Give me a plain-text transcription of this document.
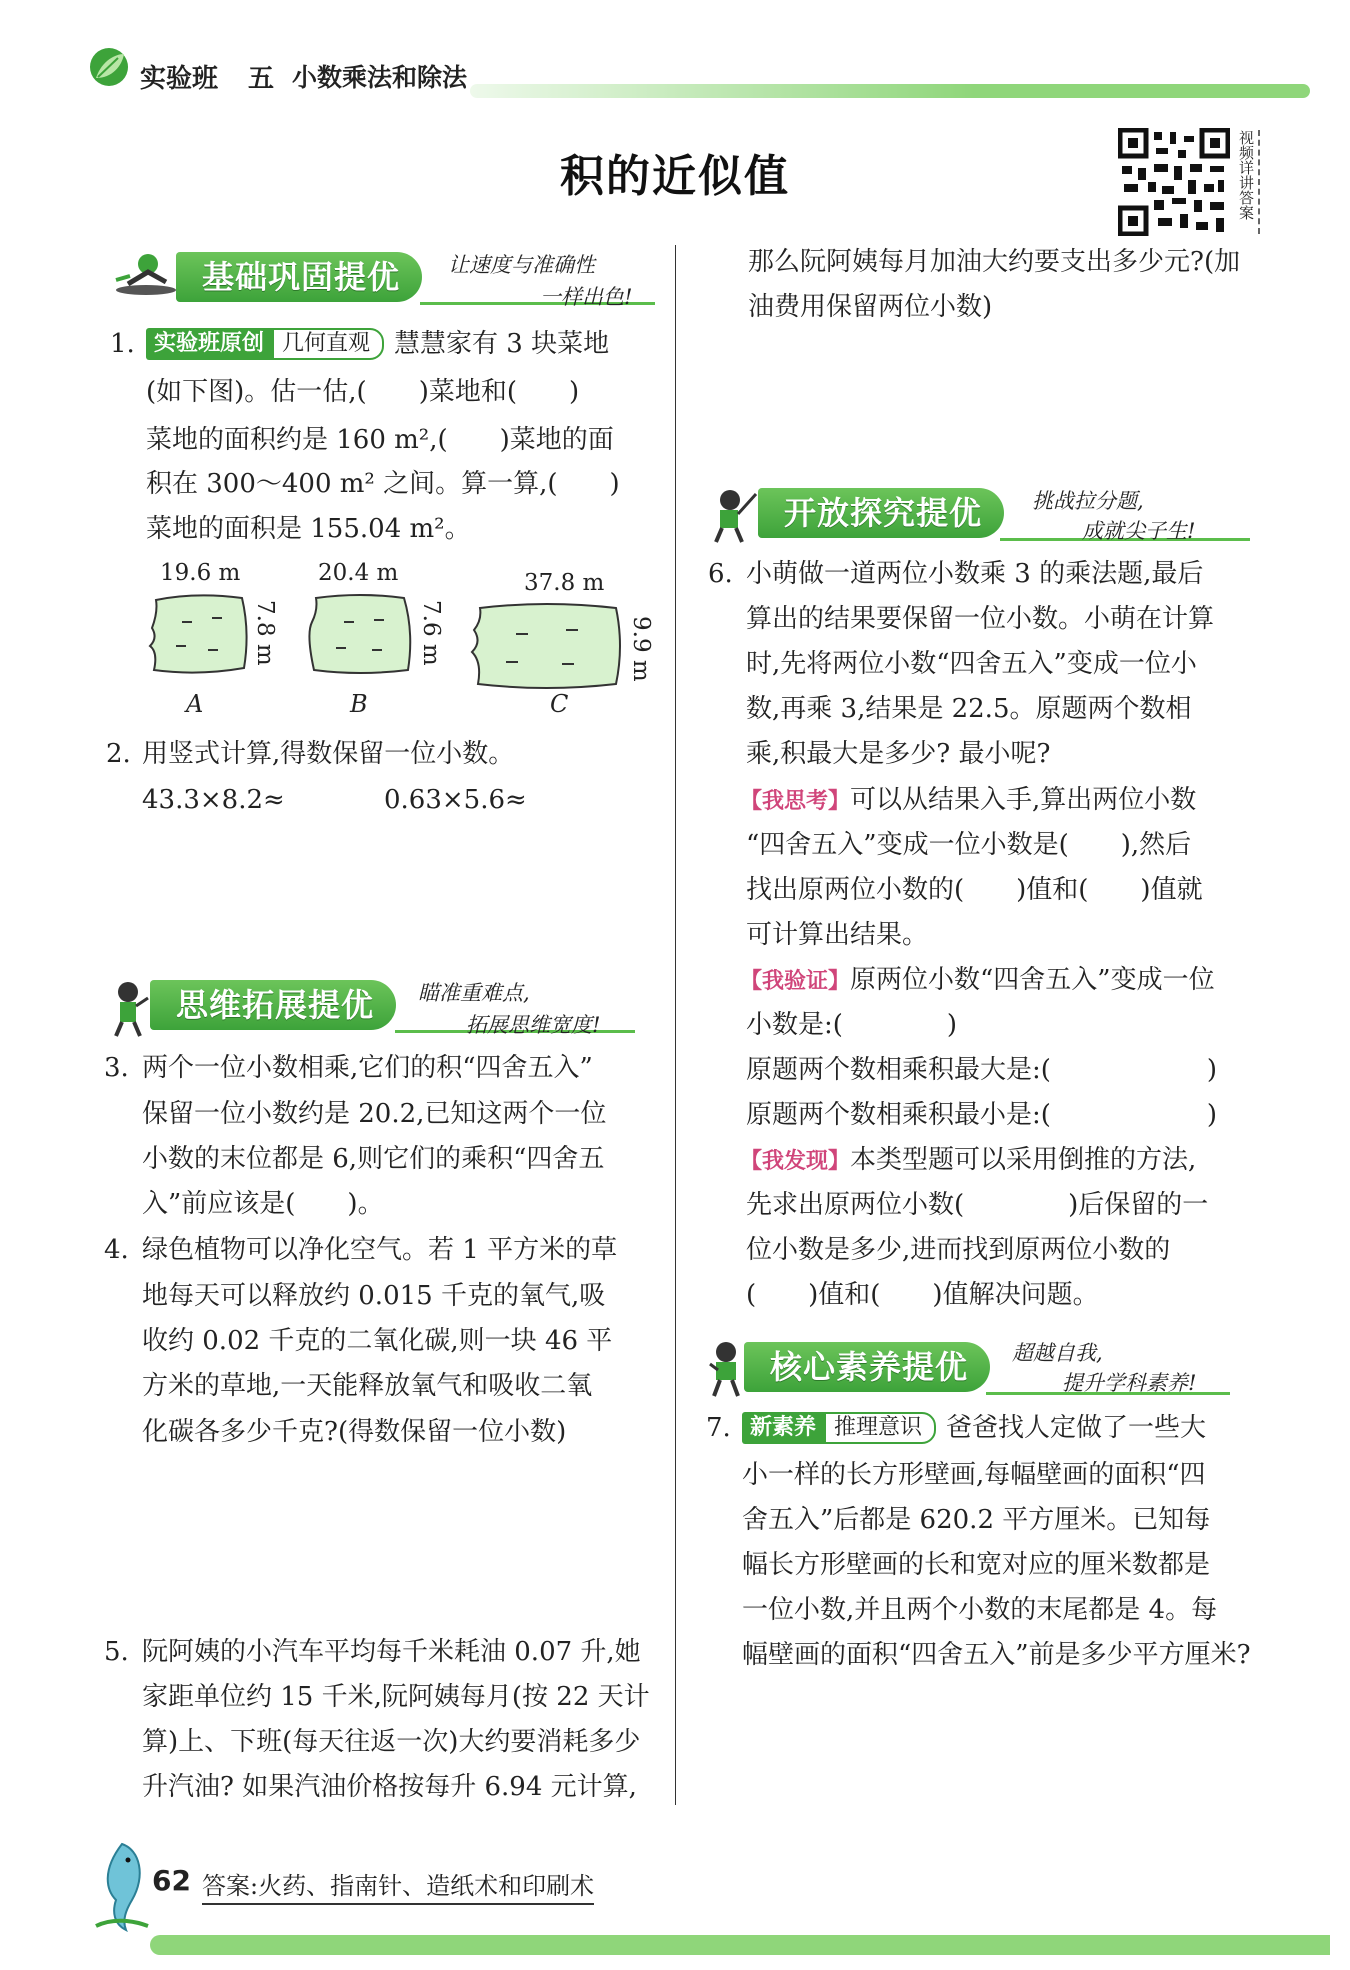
实验班 五 小数乘法和除法
积的近似值	视频详讲答案
基础巩固提优	让速度与准确性
一样出色!
1. 实验班原创 几何直观 慧慧家有 3 块菜地
(如下图)。估一估,(　　)菜地和(　　)
菜地的面积约是 160 m²,(　　)菜地的面
积在 300～400 m² 之间。算一算,(　　)
菜地的面积是 155.04 m²。
19.6 m
7.8 m
A
20.4 m
7.6 m
B
37.8 m
9.9 m
C
2. 用竖式计算,得数保留一位小数。
43.3×8.2≈	0.63×5.6≈
思维拓展提优	瞄准重难点,
拓展思维宽度!
3. 两个一位小数相乘,它们的积“四舍五入”
保留一位小数约是 20.2,已知这两个一位
小数的末位都是 6,则它们的乘积“四舍五
入”前应该是(　　)。
4. 绿色植物可以净化空气。若 1 平方米的草
地每天可以释放约 0.015 千克的氧气,吸
收约 0.02 千克的二氧化碳,则一块 46 平
方米的草地,一天能释放氧气和吸收二氧
化碳各多少千克?(得数保留一位小数)
5. 阮阿姨的小汽车平均每千米耗油 0.07 升,她
家距单位约 15 千米,阮阿姨每月(按 22 天计
算)上、下班(每天往返一次)大约要消耗多少
升汽油? 如果汽油价格按每升 6.94 元计算,
那么阮阿姨每月加油大约要支出多少元?(加
油费用保留两位小数)
开放探究提优	挑战拉分题,
成就尖子生!
6. 小萌做一道两位小数乘 3 的乘法题,最后
算出的结果要保留一位小数。小萌在计算
时,先将两位小数“四舍五入”变成一位小
数,再乘 3,结果是 22.5。原题两个数相
乘,积最大是多少? 最小呢?
【我思考】可以从结果入手,算出两位小数
“四舍五入”变成一位小数是(　　),然后
找出原两位小数的(　　)值和(　　)值就
可计算出结果。
【我验证】原两位小数“四舍五入”变成一位
小数是:(　　　　)
原题两个数相乘积最大是:(　　　　　　)
原题两个数相乘积最小是:(　　　　　　)
【我发现】本类型题可以采用倒推的方法,
先求出原两位小数(　　　　)后保留的一
位小数是多少,进而找到原两位小数的
(　　)值和(　　)值解决问题。
核心素养提优	超越自我,
提升学科素养!
7. 新素养 推理意识 爸爸找人定做了一些大
小一样的长方形壁画,每幅壁画的面积“四
舍五入”后都是 620.2 平方厘米。已知每
幅长方形壁画的长和宽对应的厘米数都是
一位小数,并且两个小数的末尾都是 4。每
幅壁画的面积“四舍五入”前是多少平方厘米?
62 答案:火药、指南针、造纸术和印刷术
